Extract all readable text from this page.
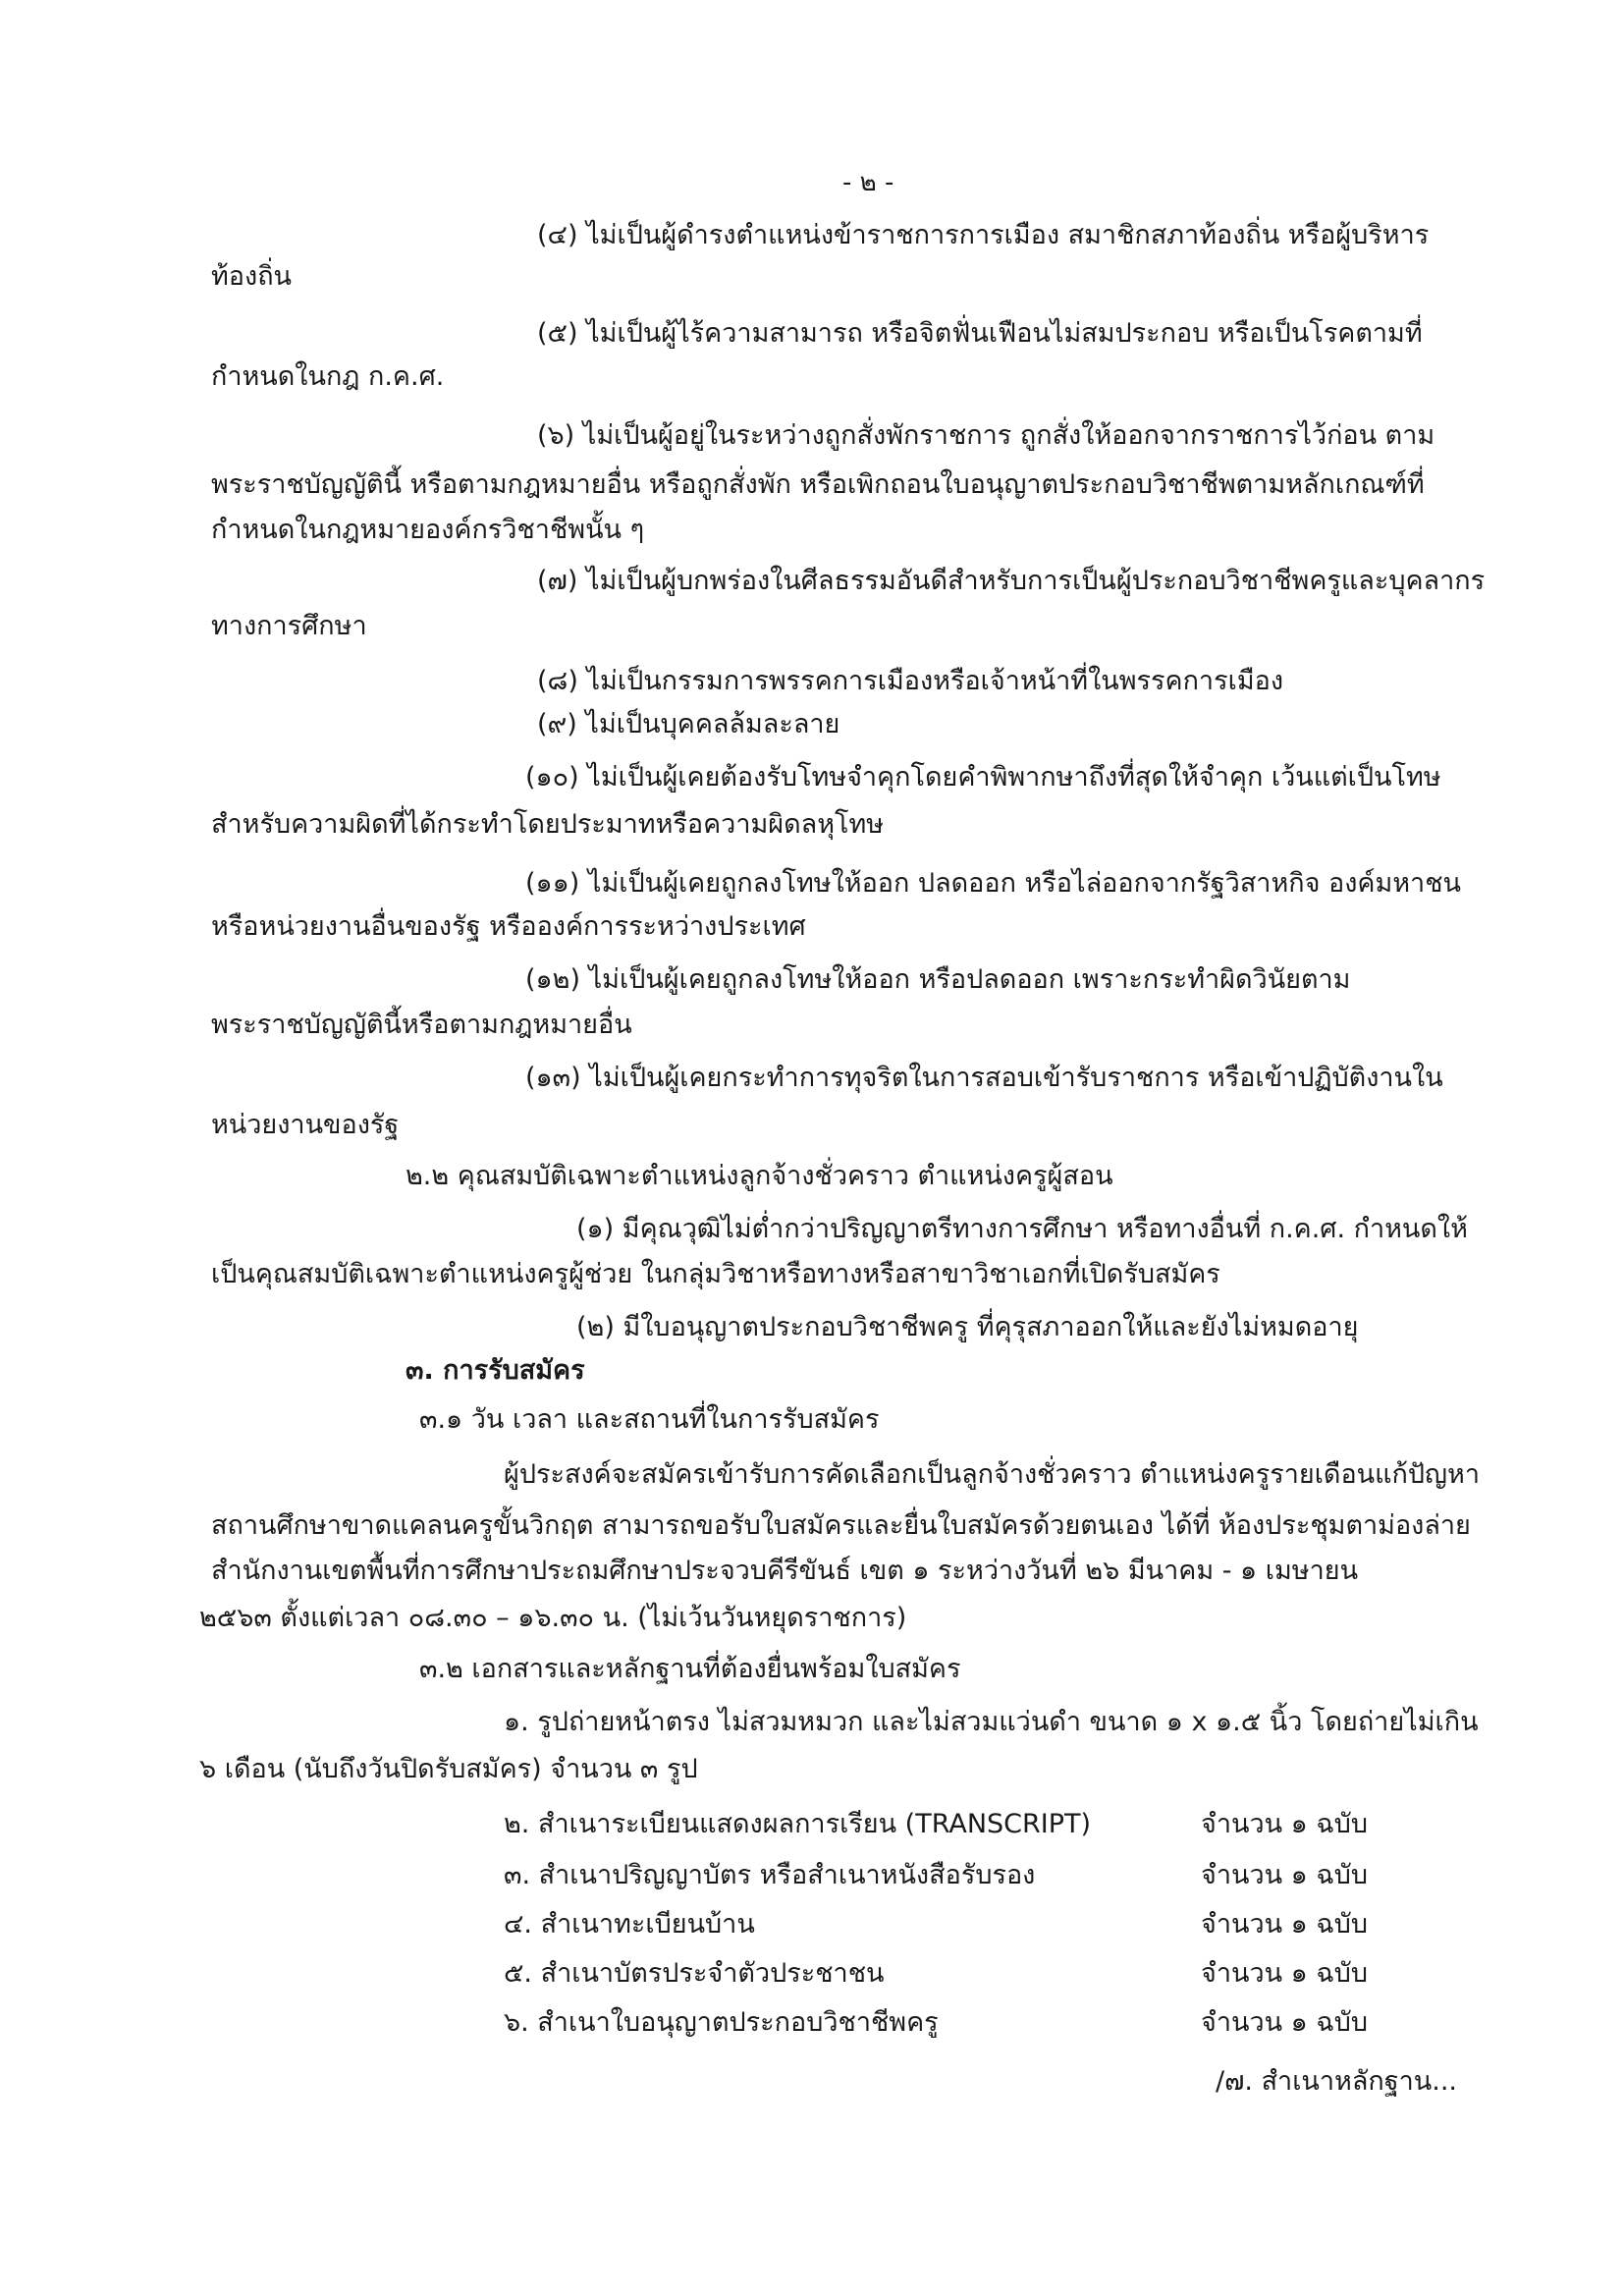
- ๒ -
(๔) ไม่เป็นผู้ดำรงตำแหน่งข้าราชการการเมือง สมาชิกสภาท้องถิ่น หรือผู้บริหาร
ท้องถิ่น
(๕) ไม่เป็นผู้ไร้ความสามารถ หรือจิตฟั่นเฟือนไม่สมประกอบ หรือเป็นโรคตามที่
กำหนดในกฎ ก.ค.ศ.
(๖) ไม่เป็นผู้อยู่ในระหว่างถูกสั่งพักราชการ ถูกสั่งให้ออกจากราชการไว้ก่อน ตาม
พระราชบัญญัตินี้ หรือตามกฎหมายอื่น หรือถูกสั่งพัก หรือเพิกถอนใบอนุญาตประกอบวิชาชีพตามหลักเกณฑ์ที่
กำหนดในกฎหมายองค์กรวิชาชีพนั้น ๆ
(๗) ไม่เป็นผู้บกพร่องในศีลธรรมอันดีสำหรับการเป็นผู้ประกอบวิชาชีพครูและบุคลากร
ทางการศึกษา
(๘) ไม่เป็นกรรมการพรรคการเมืองหรือเจ้าหน้าที่ในพรรคการเมือง
(๙) ไม่เป็นบุคคลล้มละลาย
(๑๐) ไม่เป็นผู้เคยต้องรับโทษจำคุกโดยคำพิพากษาถึงที่สุดให้จำคุก เว้นแต่เป็นโทษ
สำหรับความผิดที่ได้กระทำโดยประมาทหรือความผิดลหุโทษ
(๑๑) ไม่เป็นผู้เคยถูกลงโทษให้ออก ปลดออก หรือไล่ออกจากรัฐวิสาหกิจ องค์มหาชน
หรือหน่วยงานอื่นของรัฐ หรือองค์การระหว่างประเทศ
(๑๒) ไม่เป็นผู้เคยถูกลงโทษให้ออก หรือปลดออก เพราะกระทำผิดวินัยตาม
พระราชบัญญัตินี้หรือตามกฎหมายอื่น
(๑๓) ไม่เป็นผู้เคยกระทำการทุจริตในการสอบเข้ารับราชการ หรือเข้าปฏิบัติงานใน
หน่วยงานของรัฐ
๒.๒ คุณสมบัติเฉพาะตำแหน่งลูกจ้างชั่วคราว ตำแหน่งครูผู้สอน
(๑) มีคุณวุฒิไม่ต่ำกว่าปริญญาตรีทางการศึกษา หรือทางอื่นที่ ก.ค.ศ. กำหนดให้
เป็นคุณสมบัติเฉพาะตำแหน่งครูผู้ช่วย ในกลุ่มวิชาหรือทางหรือสาขาวิชาเอกที่เปิดรับสมัคร
(๒) มีใบอนุญาตประกอบวิชาชีพครู ที่คุรุสภาออกให้และยังไม่หมดอายุ
๓. การรับสมัคร
๓.๑ วัน เวลา และสถานที่ในการรับสมัคร
ผู้ประสงค์จะสมัครเข้ารับการคัดเลือกเป็นลูกจ้างชั่วคราว ตำแหน่งครูรายเดือนแก้ปัญหา
สถานศึกษาขาดแคลนครูขั้นวิกฤต สามารถขอรับใบสมัครและยื่นใบสมัครด้วยตนเอง ได้ที่ ห้องประชุมตาม่องล่าย
สำนักงานเขตพื้นที่การศึกษาประถมศึกษาประจวบคีรีขันธ์ เขต ๑ ระหว่างวันที่ ๒๖ มีนาคม - ๑ เมษายน
๒๕๖๓ ตั้งแต่เวลา ๐๘.๓๐ – ๑๖.๓๐ น. (ไม่เว้นวันหยุดราชการ)
๓.๒ เอกสารและหลักฐานที่ต้องยื่นพร้อมใบสมัคร
๑. รูปถ่ายหน้าตรง ไม่สวมหมวก และไม่สวมแว่นดำ ขนาด ๑ x ๑.๕ นิ้ว โดยถ่ายไม่เกิน
๖ เดือน (นับถึงวันปิดรับสมัคร) จำนวน ๓ รูป
๒. สำเนาระเบียนแสดงผลการเรียน (TRANSCRIPT)	จำนวน ๑ ฉบับ
๓. สำเนาปริญญาบัตร หรือสำเนาหนังสือรับรอง	จำนวน ๑ ฉบับ
๔. สำเนาทะเบียนบ้าน	จำนวน ๑ ฉบับ
๕. สำเนาบัตรประจำตัวประชาชน	จำนวน ๑ ฉบับ
๖. สำเนาใบอนุญาตประกอบวิชาชีพครู	จำนวน ๑ ฉบับ
/๗. สำเนาหลักฐาน...
